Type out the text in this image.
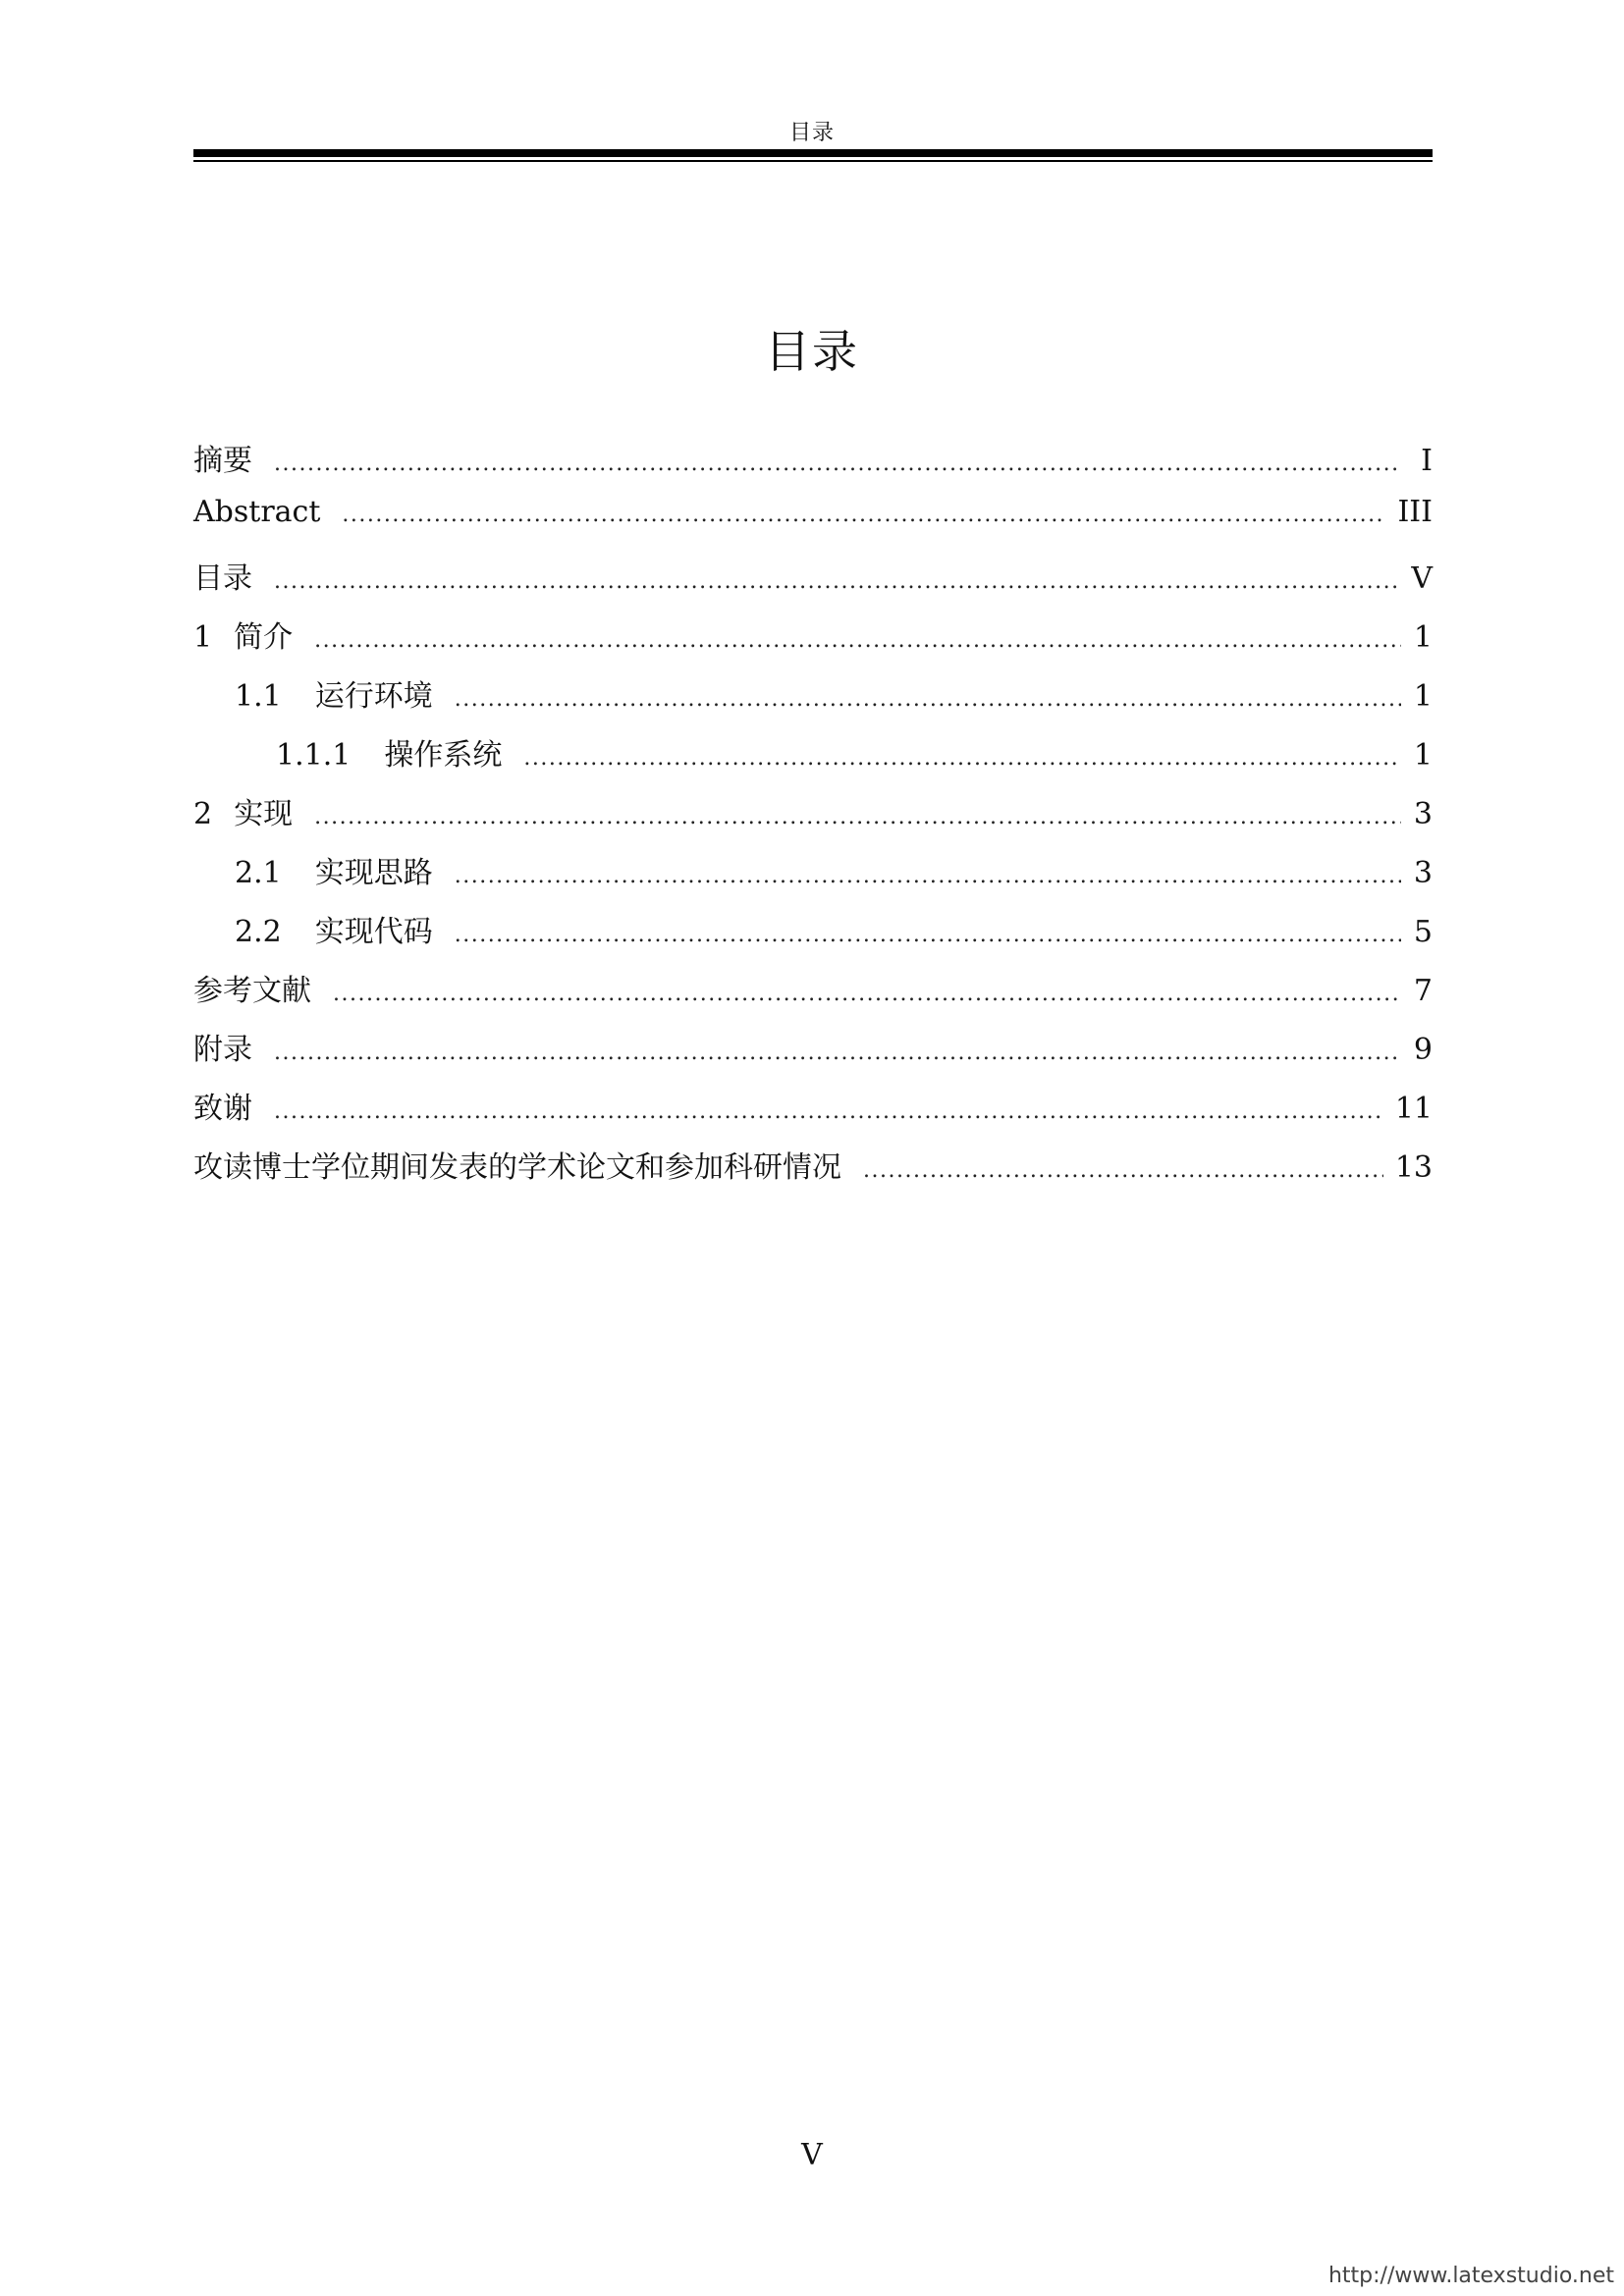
目录
目录
摘要 .....	I
Abstract .....	III
目录 .....	V
1 简介 .....	1
1.1 运行环境 .....	1
1.1.1 操作系统 .....	1
2 实现 .....	3
2.1 实现思路 .....	3
2.2 实现代码 .....	5
参考文献 .....	7
附录 .....	9
致谢 .....	11
攻读博士学位期间发表的学术论文和参加科研情况 .....	13
V
http://www.latexstudio.net
